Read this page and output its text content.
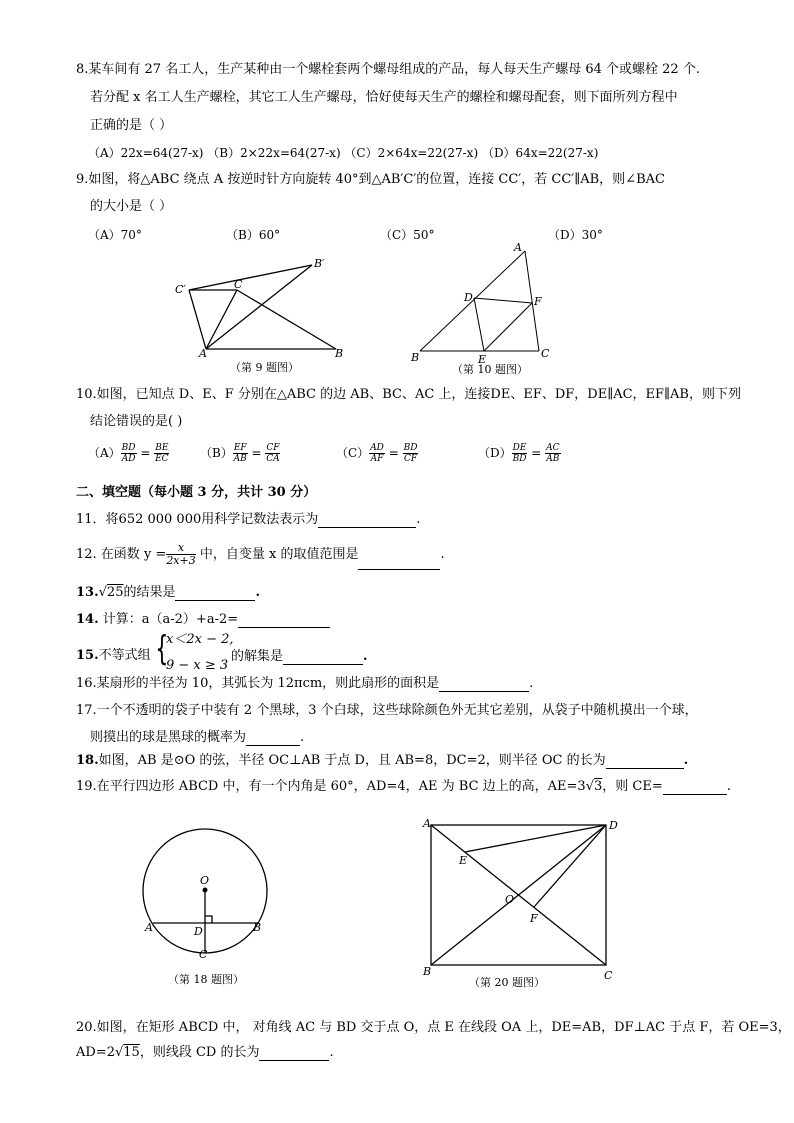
8.某车间有 27 名工人，生产某种由一个螺栓套两个螺母组成的产品，每人每天生产螺母 64 个或螺栓 22 个.
若分配 x 名工人生产螺栓，其它工人生产螺母，恰好使每天生产的螺栓和螺母配套，则下面所列方程中
正确的是（ ）
（A）22x=64(27-x) （B）2×22x=64(27-x) （C）2×64x=22(27-x) （D）64x=22(27-x)
9.如图，将△ABC 绕点 A 按逆时针方向旋转 40°到△AB′C′的位置，连接 CC′，若 CC′∥AB，则∠BAC
的大小是（ ）
（A）70°	（B）60°	（C）50°	（D）30°
C′	C
B′
A	B
（第 9 题图）
A
D	F
B	E	C
（第 10 题图）
10.如图，已知点 D、E、F 分别在△ABC 的边 AB、BC、AC 上，连接DE、EF、DF，DE∥AC，EF∥AB，则下列
结论错误的是( )
$(A) \frac{BD}{AD} = \frac{BE}{EC}$	$(B) \frac{EF}{AB} = \frac{CF}{CA}$	$(C) \frac{AD}{AF} = \frac{BD}{CF}$	$(D) \frac{DE}{BD} = \frac{AC}{AB}$
二、填空题（每小题 3 分，共计 30 分）
11．将652 000 000用科学记数法表示为	.
12. 在函数 $y = \frac{x}{2x+3}$ 中，自变量 x 的取值范围是	.
13.√25的结果是	.
14. 计算：a（a-2）+a-2=
15.不等式组 {
x＜2x − 2,
9 − x ≥ 3
的解集是	.
16.某扇形的半径为 10，其弧长为 12πcm，则此扇形的面积是	.
17.一个不透明的袋子中装有 2 个黑球，3 个白球，这些球除颜色外无其它差别，从袋子中随机摸出一个球，
则摸出的球是黑球的概率为	.
18.如图，AB 是⊙O 的弦，半径 OC⊥AB 于点 D，且 AB=8，DC=2，则半径 OC 的长为	.
19.在平行四边形 ABCD 中，有一个内角是 60°，AD=4，AE 为 BC 边上的高，AE=3√3，则 CE=	.
O
A	D	B
C
（第 18 题图）
A	D
E
O
F
B	C
（第 20 题图）
20.如图，在矩形 ABCD 中， 对角线 AC 与 BD 交于点 O，点 E 在线段 OA 上，DE=AB，DF⊥AC 于点 F，若 OE=3，
AD=2√15，则线段 CD 的长为	.
